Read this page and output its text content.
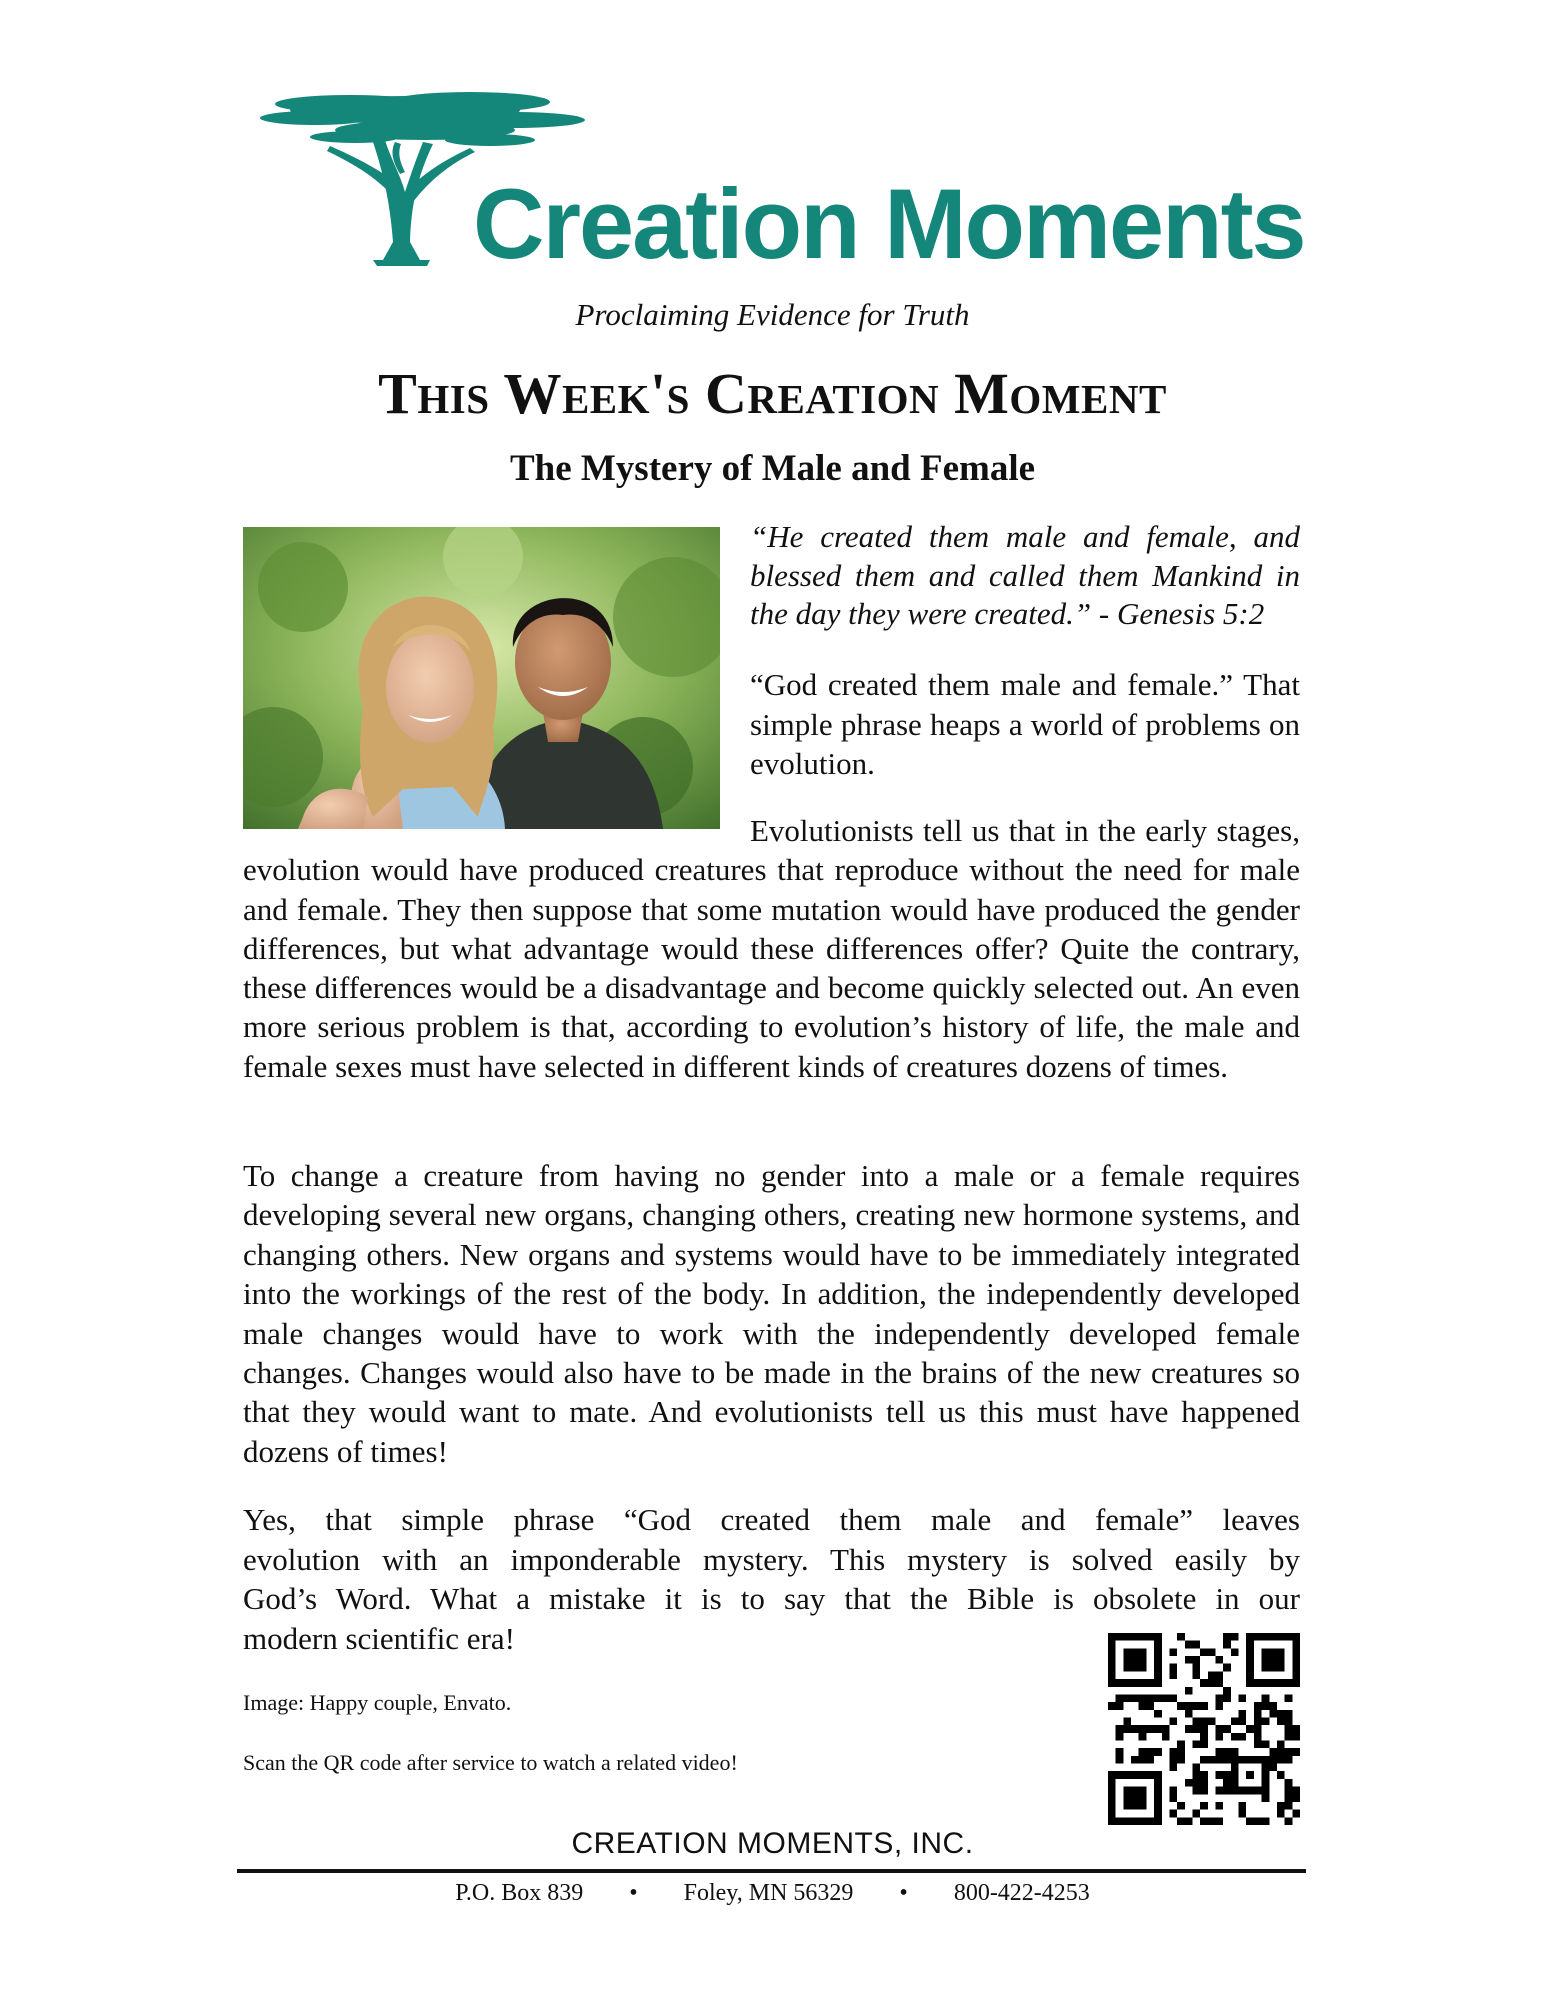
Creation Moments
Proclaiming Evidence for Truth
This Week's Creation Moment
The Mystery of Male and Female

“He created them male and female, and blessed them and called them Mankind in the day they were created.” - Genesis 5:2

“God created them male and female.” That simple phrase heaps a world of problems on evolution.

Evolutionists tell us that in the early stages, evolution would have produced creatures that reproduce without the need for male and female. They then suppose that some mutation would have produced the gender differences, but what advantage would these differences offer? Quite the contrary, these differences would be a disadvantage and become quickly selected out. An even more serious problem is that, according to evolution’s history of life, the male and female sexes must have selected in different kinds of creatures dozens of times.

To change a creature from having no gender into a male or a female requires developing several new organs, changing others, creating new hormone systems, and changing others. New organs and systems would have to be immediately integrated into the workings of the rest of the body. In addition, the independently developed male changes would have to work with the independently developed female changes. Changes would also have to be made in the brains of the new creatures so that they would want to mate. And evolutionists tell us this must have happened dozens of times!

Yes, that simple phrase “God created them male and female” leaves
evolution with an imponderable mystery. This mystery is solved easily by
God’s Word. What a mistake it is to say that the Bible is obsolete in our
modern scientific era!

Image: Happy couple, Envato.

Scan the QR code after service to watch a related video!

CREATION MOMENTS, INC.
P.O. Box 839 • Foley, MN 56329 • 800-422-4253
